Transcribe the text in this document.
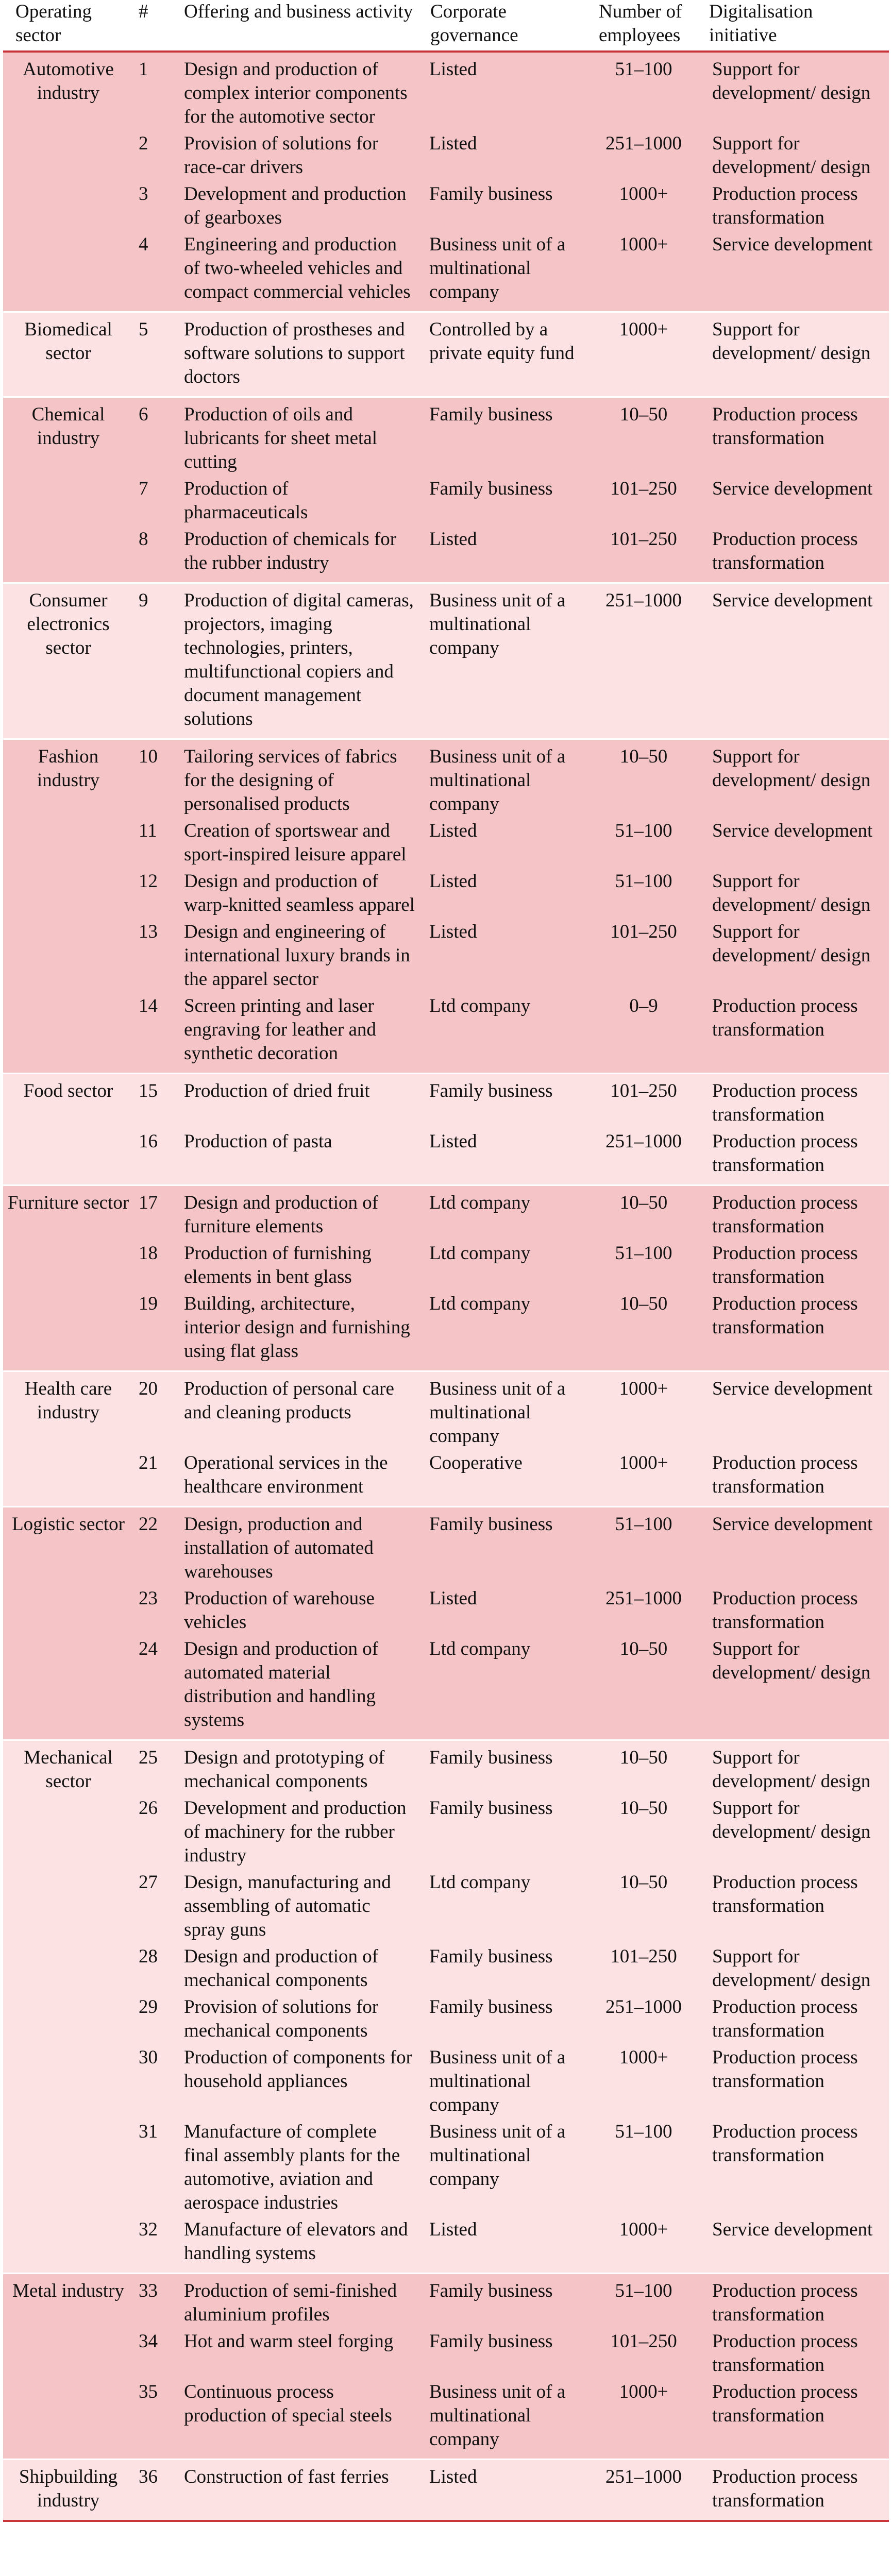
Operating sector	#	Offering and business activity	Corporate governance	Number of employees	Digitalisation initiative
Automotive industry	1	Design and production of complex interior components for the automotive sector	Listed	51–100	Support for development/ design
	2	Provision of solutions for race-car drivers	Listed	251–1000	Support for development/ design
	3	Development and production of gearboxes	Family business	1000+	Production process transformation
	4	Engineering and production of two-wheeled vehicles and compact commercial vehicles	Business unit of a multinational company	1000+	Service development
Biomedical sector	5	Production of prostheses and software solutions to support doctors	Controlled by a private equity fund	1000+	Support for development/ design
Chemical industry	6	Production of oils and lubricants for sheet metal cutting	Family business	10–50	Production process transformation
	7	Production of pharmaceuticals	Family business	101–250	Service development
	8	Production of chemicals for the rubber industry	Listed	101–250	Production process transformation
Consumer electronics sector	9	Production of digital cameras, projectors, imaging technologies, printers, multifunctional copiers and document management solutions	Business unit of a multinational company	251–1000	Service development
Fashion industry	10	Tailoring services of fabrics for the designing of personalised products	Business unit of a multinational company	10–50	Support for development/ design
	11	Creation of sportswear and sport-inspired leisure apparel	Listed	51–100	Service development
	12	Design and production of warp-knitted seamless apparel	Listed	51–100	Support for development/ design
	13	Design and engineering of international luxury brands in the apparel sector	Listed	101–250	Support for development/ design
	14	Screen printing and laser engraving for leather and synthetic decoration	Ltd company	0–9	Production process transformation
Food sector	15	Production of dried fruit	Family business	101–250	Production process transformation
	16	Production of pasta	Listed	251–1000	Production process transformation
Furniture sector	17	Design and production of furniture elements	Ltd company	10–50	Production process transformation
	18	Production of furnishing elements in bent glass	Ltd company	51–100	Production process transformation
	19	Building, architecture, interior design and furnishing using flat glass	Ltd company	10–50	Production process transformation
Health care industry	20	Production of personal care and cleaning products	Business unit of a multinational company	1000+	Service development
	21	Operational services in the healthcare environment	Cooperative	1000+	Production process transformation
Logistic sector	22	Design, production and installation of automated warehouses	Family business	51–100	Service development
	23	Production of warehouse vehicles	Listed	251–1000	Production process transformation
	24	Design and production of automated material distribution and handling systems	Ltd company	10–50	Support for development/ design
Mechanical sector	25	Design and prototyping of mechanical components	Family business	10–50	Support for development/ design
	26	Development and production of machinery for the rubber industry	Family business	10–50	Support for development/ design
	27	Design, manufacturing and assembling of automatic spray guns	Ltd company	10–50	Production process transformation
	28	Design and production of mechanical components	Family business	101–250	Support for development/ design
	29	Provision of solutions for mechanical components	Family business	251–1000	Production process transformation
	30	Production of components for household appliances	Business unit of a multinational company	1000+	Production process transformation
	31	Manufacture of complete final assembly plants for the automotive, aviation and aerospace industries	Business unit of a multinational company	51–100	Production process transformation
	32	Manufacture of elevators and handling systems	Listed	1000+	Service development
Metal industry	33	Production of semi-finished aluminium profiles	Family business	51–100	Production process transformation
	34	Hot and warm steel forging	Family business	101–250	Production process transformation
	35	Continuous process production of special steels	Business unit of a multinational company	1000+	Production process transformation
Shipbuilding industry	36	Construction of fast ferries	Listed	251–1000	Production process transformation
